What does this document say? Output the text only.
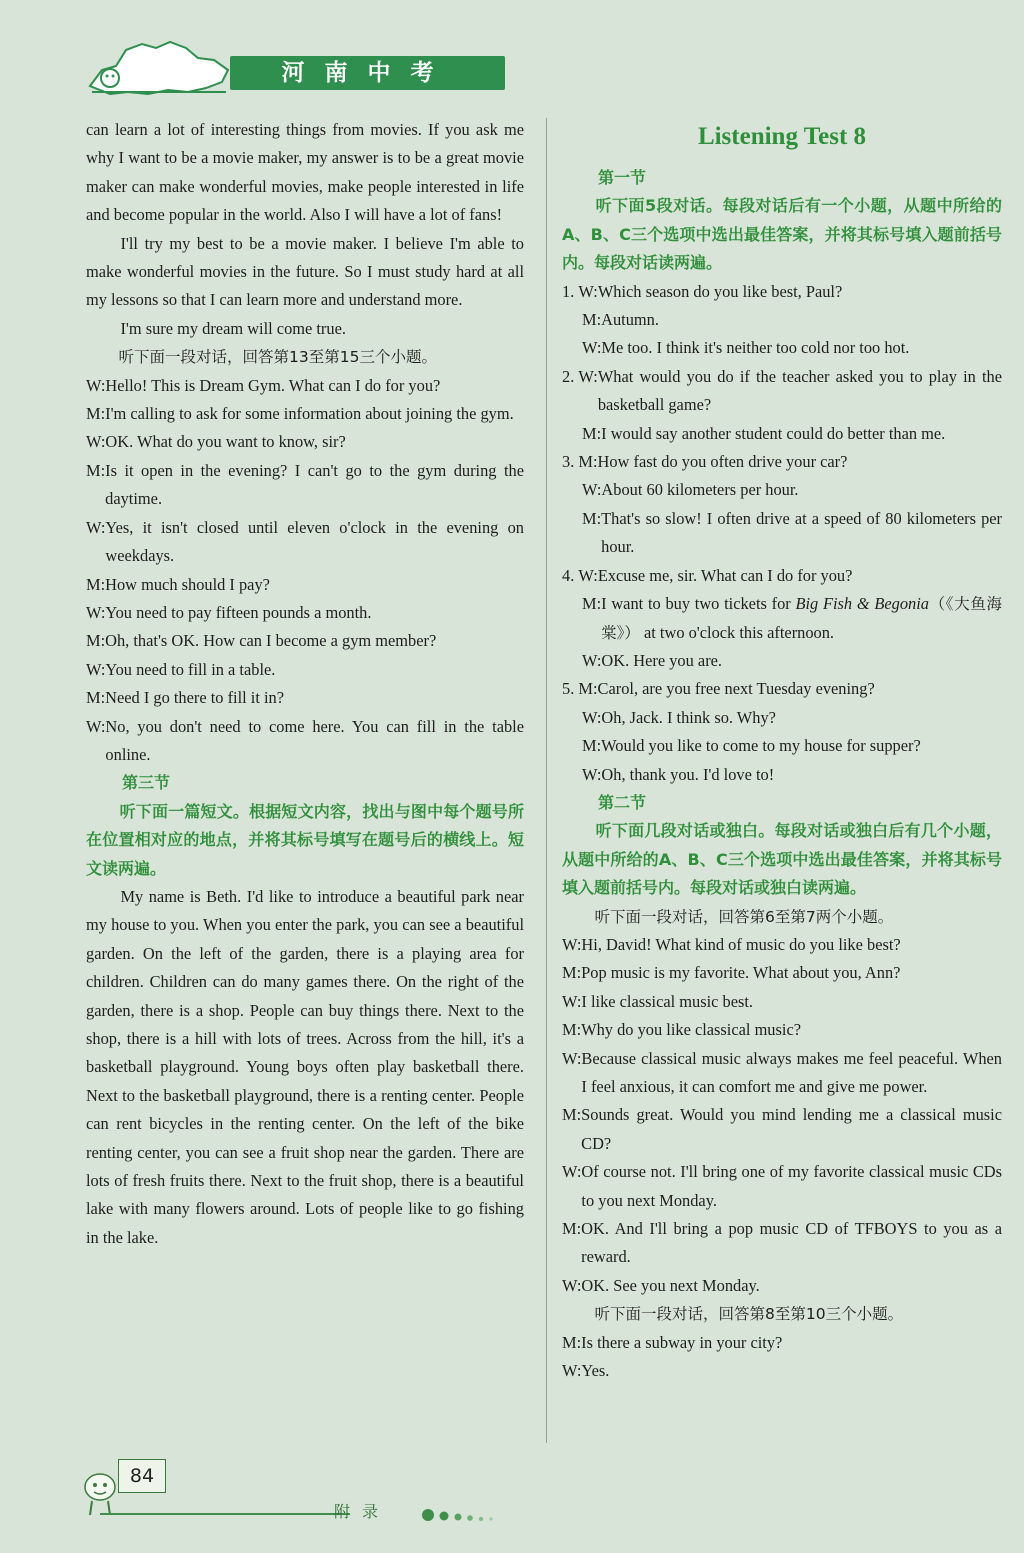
河南中考

can learn a lot of interesting things from movies. If you ask me why I want to be a movie maker, my answer is to be a great movie maker can make wonderful movies, make people interested in life and become popular in the world. Also I will have a lot of fans!

I'll try my best to be a movie maker. I believe I'm able to make wonderful movies in the future. So I must study hard at all my lessons so that I can learn more and understand more.

I'm sure my dream will come true.

听下面一段对话，回答第13至第15三个小题。

W: Hello! This is Dream Gym. What can I do for you?
M: I'm calling to ask for some information about joining the gym.
W: OK. What do you want to know, sir?
M: Is it open in the evening? I can't go to the gym during the daytime.
W: Yes, it isn't closed until eleven o'clock in the evening on weekdays.
M: How much should I pay?
W: You need to pay fifteen pounds a month.
M: Oh, that's OK. How can I become a gym member?
W: You need to fill in a table.
M: Need I go there to fill it in?
W: No, you don't need to come here. You can fill in the table online.

第三节

听下面一篇短文。根据短文内容，找出与图中每个题号所在位置相对应的地点，并将其标号填写在题号后的横线上。短文读两遍。

My name is Beth. I'd like to introduce a beautiful park near my house to you. When you enter the park, you can see a beautiful garden. On the left of the garden, there is a playing area for children. Children can do many games there. On the right of the garden, there is a shop. People can buy things there. Next to the shop, there is a hill with lots of trees. Across from the hill, it's a basketball playground. Young boys often play basketball there. Next to the basketball playground, there is a renting center. People can rent bicycles in the renting center. On the left of the bike renting center, you can see a fruit shop near the garden. There are lots of fresh fruits there. Next to the fruit shop, there is a beautiful lake with many flowers around. Lots of people like to go fishing in the lake.

Listening Test 8

第一节

听下面5段对话。每段对话后有一个小题，从题中所给的A、B、C三个选项中选出最佳答案，并将其标号填入题前括号内。每段对话读两遍。

1. W: Which season do you like best, Paul?
M: Autumn.
W: Me too. I think it's neither too cold nor too hot.
2. W: What would you do if the teacher asked you to play in the basketball game?
M: I would say another student could do better than me.
3. M: How fast do you often drive your car?
W: About 60 kilometers per hour.
M: That's so slow! I often drive at a speed of 80 kilometers per hour.
4. W: Excuse me, sir. What can I do for you?
M: I want to buy two tickets for Big Fish & Begonia（《大鱼海棠》） at two o'clock this afternoon.
W: OK. Here you are.
5. M: Carol, are you free next Tuesday evening?
W: Oh, Jack. I think so. Why?
M: Would you like to come to my house for supper?
W: Oh, thank you. I'd love to!

第二节

听下面几段对话或独白。每段对话或独白后有几个小题，从题中所给的A、B、C三个选项中选出最佳答案，并将其标号填入题前括号内。每段对话或独白读两遍。

听下面一段对话，回答第6至第7两个小题。

W: Hi, David! What kind of music do you like best?
M: Pop music is my favorite. What about you, Ann?
W: I like classical music best.
M: Why do you like classical music?
W: Because classical music always makes me feel peaceful. When I feel anxious, it can comfort me and give me power.
M: Sounds great. Would you mind lending me a classical music CD?
W: Of course not. I'll bring one of my favorite classical music CDs to you next Monday.
M: OK. And I'll bring a pop music CD of TFBOYS to you as a reward.
W: OK. See you next Monday.

听下面一段对话，回答第8至第10三个小题。

M: Is there a subway in your city?
W: Yes.
84
附录
